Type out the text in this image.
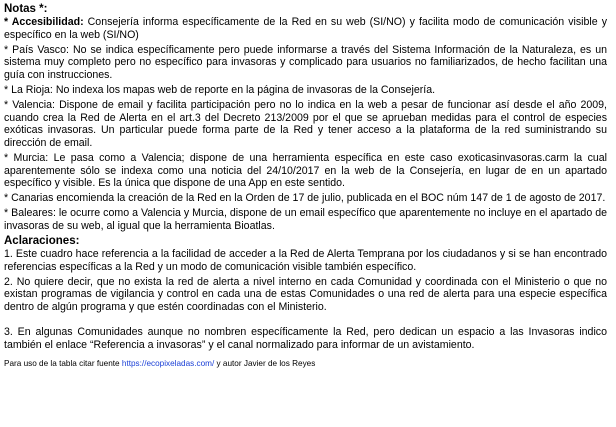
Notas *:
* Accesibilidad: Consejería informa específicamente de la Red en su web (SI/NO) y facilita modo de comunicación visible y específico en la web (SI/NO)
* País Vasco: No se indica específicamente pero puede informarse a través del Sistema Información de la Naturaleza, es un sistema muy completo pero no específico para invasoras y complicado para usuarios no familiarizados, de hecho facilitan una guía con instrucciones.
* La Rioja: No indexa los mapas web de reporte en la página de invasoras de la Consejería.
* Valencia: Dispone de email y facilita participación pero no lo indica en la web a pesar de funcionar así desde el año 2009, cuando crea la Red de Alerta en el art.3 del Decreto 213/2009 por el que se aprueban medidas para el control de especies exóticas invasoras. Un particular puede forma parte de la Red y tener acceso a la plataforma de la red suministrando su dirección de email.
* Murcia: Le pasa como a Valencia; dispone de una herramienta específica en este caso exoticasinvasoras.carm la cual aparentemente sólo se indexa como una noticia del 24/10/2017 en la web de la Consejería, en lugar de en un apartado específico y visible. Es la única que dispone de una App en este sentido.
* Canarias encomienda la creación de la Red en la Orden de 17 de julio, publicada en el BOC núm 147 de 1 de agosto de 2017.
* Baleares: le ocurre como a Valencia y Murcia, dispone de un email específico que aparentemente no incluye en el apartado de invasoras de su web, al igual que la herramienta Bioatlas.
Aclaraciones:
1. Este cuadro hace referencia a la facilidad de acceder a la Red de Alerta Temprana por los ciudadanos y si se han encontrado referencias específicas a la Red y un modo de comunicación visible también específico.
2. No quiere decir, que no exista la red de alerta a nivel interno en cada Comunidad y coordinada con el Ministerio o que no existan programas de vigilancia y control en cada una de estas Comunidades o una red de alerta para una especie específica dentro de algún programa y que estén coordinadas con el Ministerio.
3. En algunas Comunidades aunque no nombren específicamente la Red, pero dedican un espacio a las Invasoras indico también el enlace “Referencia a invasoras” y el canal normalizado para informar de un avistamiento.
Para uso de la tabla citar fuente https://ecopixeladas.com/ y autor Javier de los Reyes
